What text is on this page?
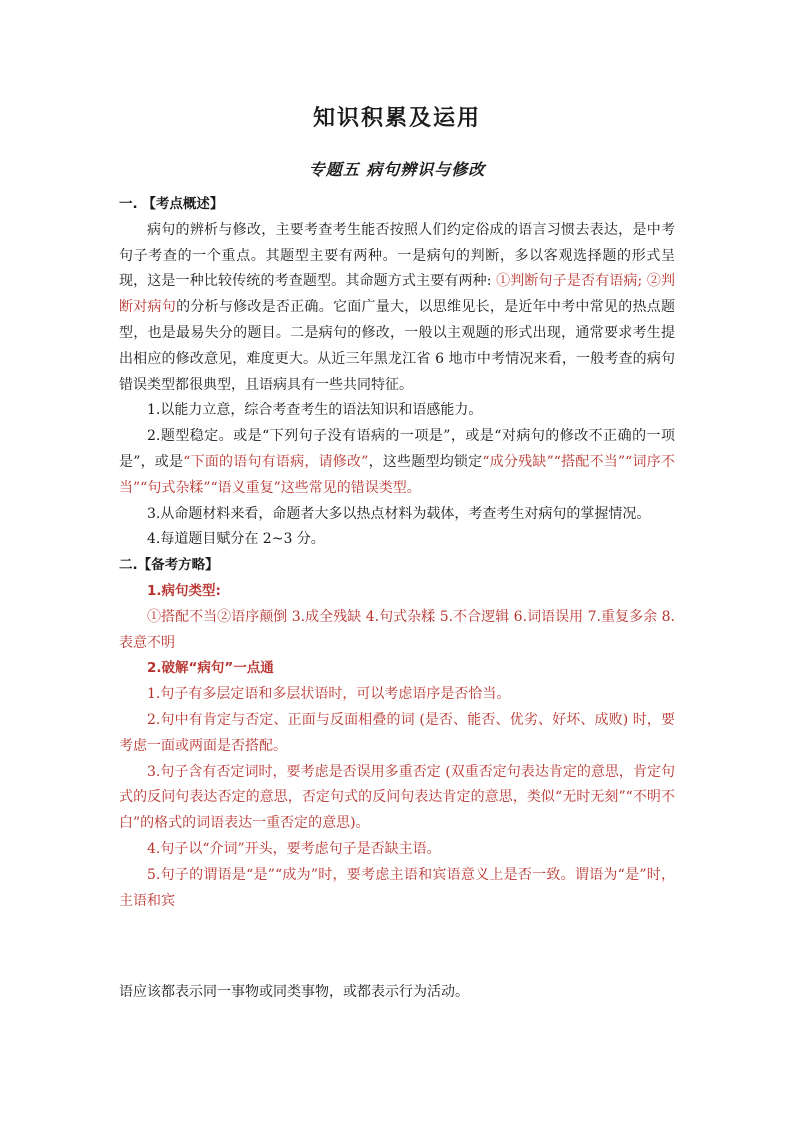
知识积累及运用
专题五 病句辨识与修改
一. 【考点概述】

病句的辨析与修改，主要考查考生能否按照人们约定俗成的语言习惯去表达，是中考句子考查的一个重点。其题型主要有两种。一是病句的判断，多以客观选择题的形式呈现，这是一种比较传统的考查题型。其命题方式主要有两种: ①判断句子是否有语病; ②判断对病句的分析与修改是否正确。它面广量大，以思维见长，是近年中考中常见的热点题型，也是最易失分的题目。二是病句的修改，一般以主观题的形式出现，通常要求考生提出相应的修改意见，难度更大。从近三年黑龙江省 6 地市中考情况来看，一般考查的病句错误类型都很典型，且语病具有一些共同特征。

1.以能力立意，综合考查考生的语法知识和语感能力。

2.题型稳定。或是“下列句子没有语病的一项是”，或是“对病句的修改不正确的一项是”，或是“下面的语句有语病，请修改”，这些题型均锁定“成分残缺”“搭配不当”“词序不当”“句式杂糅”“语义重复”这些常见的错误类型。

3.从命题材料来看，命题者大多以热点材料为载体，考查考生对病句的掌握情况。

4.每道题目赋分在 2~3 分。

二.【备考方略】

1.病句类型:

①搭配不当②语序颠倒 3.成全残缺 4.句式杂糅 5.不合逻辑 6.词语误用 7.重复多余 8.表意不明

2.破解“病句”一点通

1.句子有多层定语和多层状语时，可以考虑语序是否恰当。

2.句中有肯定与否定、正面与反面相叠的词 (是否、能否、优劣、好坏、成败) 时，要考虑一面或两面是否搭配。

3.句子含有否定词时，要考虑是否误用多重否定 (双重否定句表达肯定的意思，肯定句式的反问句表达否定的意思，否定句式的反问句表达肯定的意思，类似“无时无刻”“不明不白”的格式的词语表达一重否定的意思)。

4.句子以“介词”开头，要考虑句子是否缺主语。

5.句子的谓语是“是”“成为”时，要考虑主语和宾语意义上是否一致。谓语为“是”时，主语和宾

语应该都表示同一事物或同类事物，或都表示行为活动。
